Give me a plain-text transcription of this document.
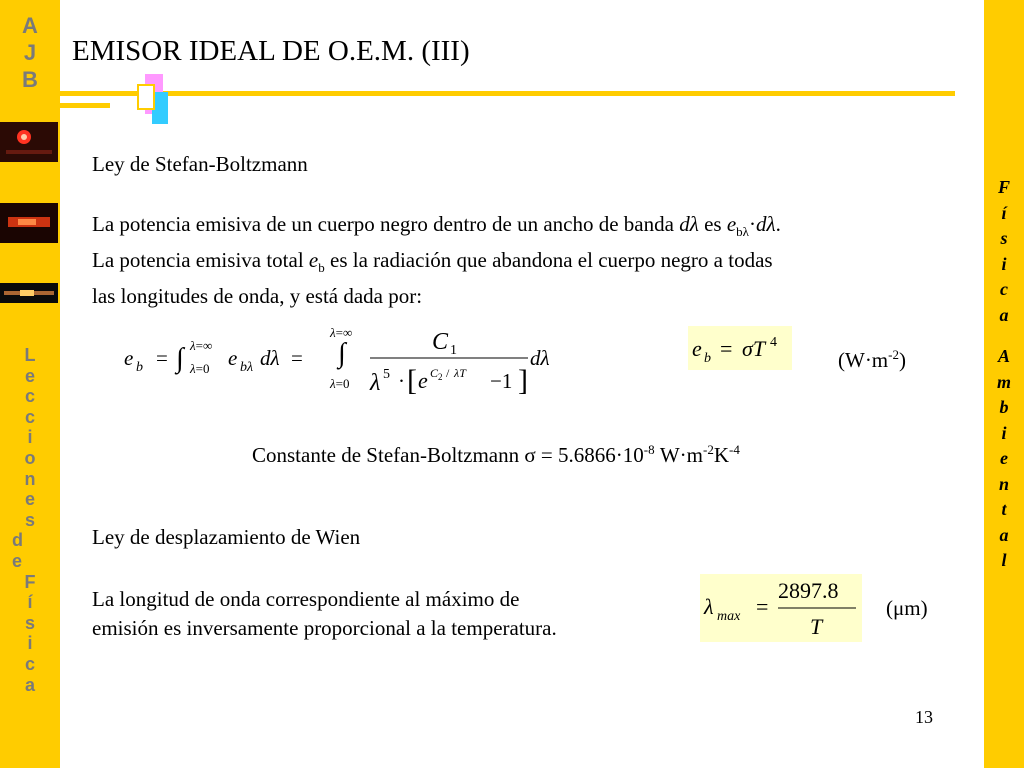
A
J
B
L
e
c
c
i
o
n
e
s
d
e
F
í
s
i
c
a
F
í
s
i
c
a
A
m
b
i
e
n
t
a
l
EMISOR IDEAL DE O.E.M. (III)
Ley de Stefan-Boltzmann
La potencia emisiva de un cuerpo negro dentro de un ancho de banda dλ es $e_{b\lambda}\cdot d\lambda$.
La potencia emisiva total $e_b$ es la radiación que abandona el cuerpo negro a todas
las longitudes de onda, y está dada por:
e b = ∫ λ=∞
λ=0 e bλ dλ =
λ=∞
∫
λ=0
C 1
λ 5 · [ e C 2 / λT −1 ]
dλ	e b = σT 4
$(W\cdot m^{-2})$
Constante de Stefan-Boltzmann $\sigma = 5.6866\cdot 10^{-8}$ $W\cdot m^{-2}K^{-4}$
Ley de desplazamiento de Wien
La longitud de onda correspondiente al máximo de
emisión es inversamente proporcional a la temperatura.
λ max =
2897.8
T
(μm)
13
